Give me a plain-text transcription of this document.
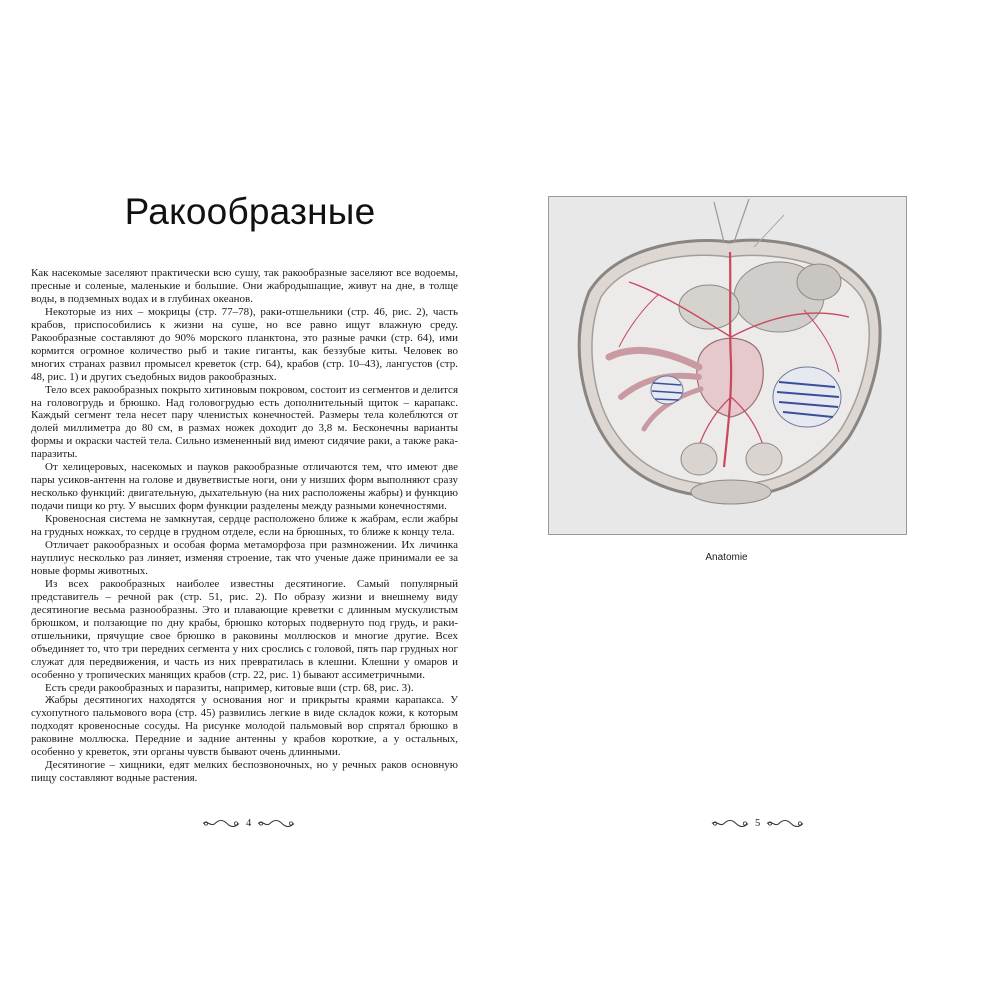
Ракообразные

Как насекомые заселяют практически всю сушу, так ракообразные заселяют все водоемы, пресные и соленые, маленькие и большие. Они жабродышащие, живут на дне, в толще воды, в подземных водах и в глубинах океанов.

Некоторые из них – мокрицы (стр. 77–78), раки-отшельники (стр. 46, рис. 2), часть крабов, приспособились к жизни на суше, но все равно ищут влажную среду. Ракообразные составляют до 90% морского планктона, это разные рачки (стр. 64), ими кормится огромное количество рыб и такие гиганты, как беззубые киты. Человек во многих странах развил промысел креветок (стр. 64), крабов (стр. 10–43), лангустов (стр. 48, рис. 1) и других съедобных видов ракообразных.

Тело всех ракообразных покрыто хитиновым покровом, состоит из сегментов и делится на головогрудь и брюшко. Над головогрудью есть дополнительный щиток – карапакс. Каждый сегмент тела несет пару членистых конечностей. Размеры тела колеблются от долей миллиметра до 80 см, в размах ножек доходит до 3,8 м. Бесконечны варианты формы и окраски частей тела. Сильно измененный вид имеют сидячие раки, а также рака-паразиты.

От хелицеровых, насекомых и пауков ракообразные отличаются тем, что имеют две пары усиков-антенн на голове и двуветвистые ноги, они у низших форм выполняют сразу несколько функций: двигательную, дыхательную (на них расположены жабры) и функцию подачи пищи ко рту. У высших форм функции разделены между разными конечностями.

Кровеносная система не замкнутая, сердце расположено ближе к жабрам, если жабры на грудных ножках, то сердце в грудном отделе, если на брюшных, то ближе к концу тела.

Отличает ракообразных и особая форма метаморфоза при размножении. Их личинка науплиус несколько раз линяет, изменяя строение, так что ученые даже принимали ее за новые формы животных.

Из всех ракообразных наиболее известны десятиногие. Самый популярный представитель – речной рак (стр. 51, рис. 2). По образу жизни и внешнему виду десятиногие весьма разнообразны. Это и плавающие креветки с длинным мускулистым брюшком, и ползающие по дну крабы, брюшко которых подвернуто под грудь, и раки-отшельники, прячущие свое брюшко в раковины моллюсков и многие другие. Всех объединяет то, что три передних сегмента у них срослись с головой, пять пар грудных ног служат для передвижения, и часть из них превратилась в клешни. Клешни у омаров и особенно у тропических манящих крабов (стр. 22, рис. 1) бывают ассиметричными.

Есть среди ракообразных и паразиты, например, китовые вши (стр. 68, рис. 3).

Жабры десятиногих находятся у основания ног и прикрыты краями карапакса. У сухопутного пальмового вора (стр. 45) развились легкие в виде складок кожи, к которым подходят кровеносные сосуды. На рисунке молодой пальмовый вор спрятал брюшко в раковине моллюска. Передние и задние антенны у крабов короткие, а у остальных, особенно у креветок, эти органы чувств бывают очень длинными.

Десятиногие – хищники, едят мелких беспозвоночных, но у речных раков основную пищу составляют водные растения.

4
Anatomie
5
